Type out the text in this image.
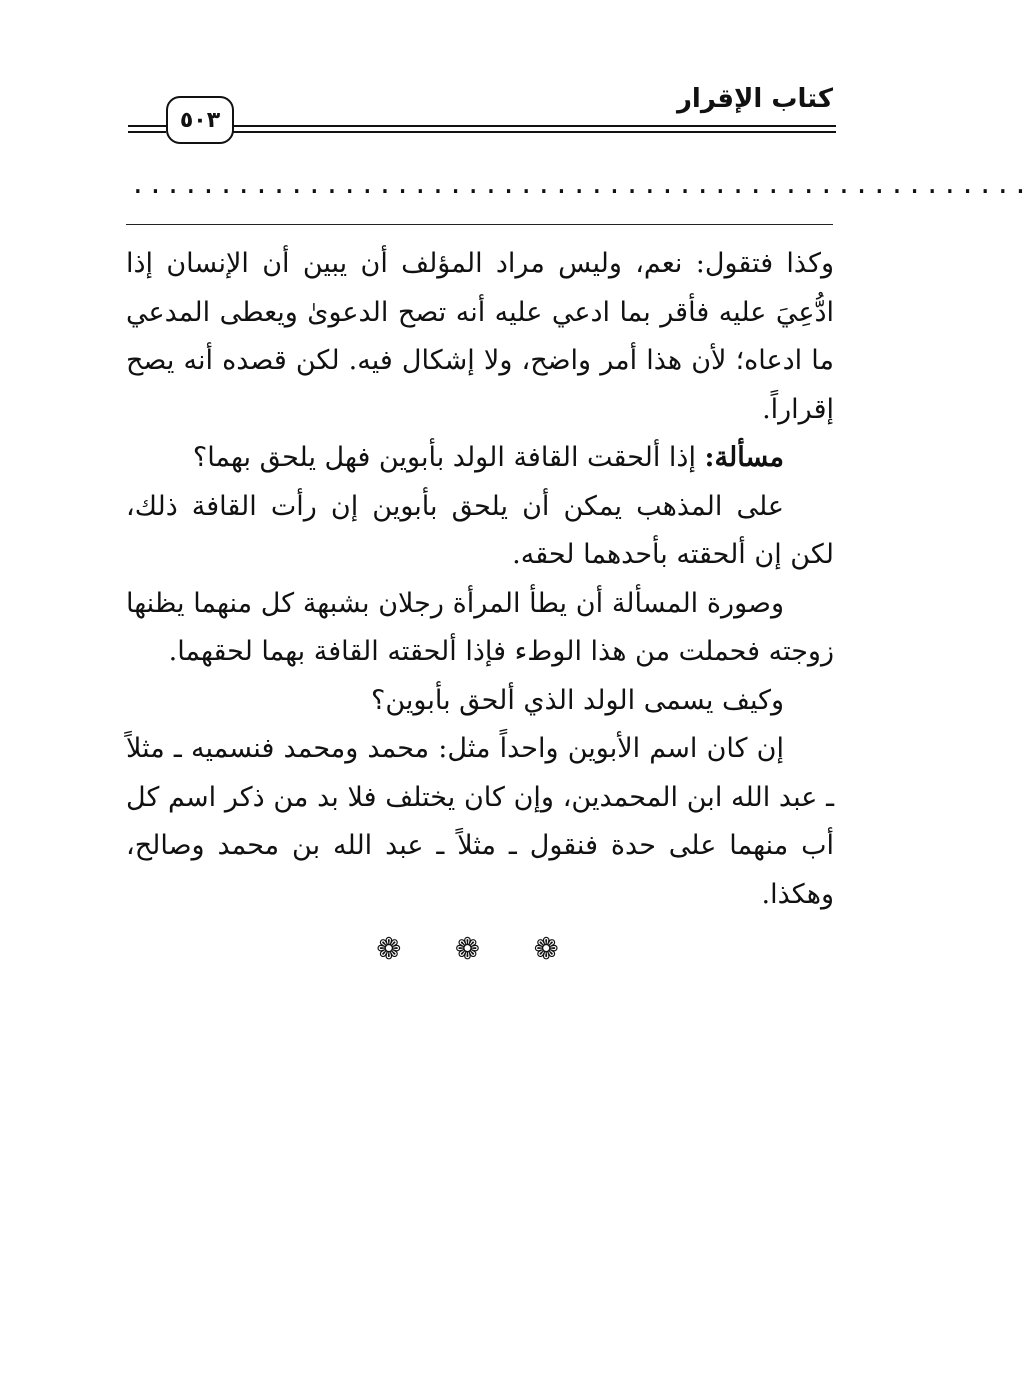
كتاب الإقرار
٥٠٣
...................................................

وكذا فتقول: نعم، وليس مراد المؤلف أن يبين أن الإنسان إذا ادُّعِيَ عليه فأقر بما ادعي عليه أنه تصح الدعوىٰ ويعطى المدعي ما ادعاه؛ لأن هذا أمر واضح، ولا إشكال فيه. لكن قصده أنه يصح إقراراً.

مسألة: إذا ألحقت القافة الولد بأبوين فهل يلحق بهما؟

على المذهب يمكن أن يلحق بأبوين إن رأت القافة ذلك، لكن إن ألحقته بأحدهما لحقه.

وصورة المسألة أن يطأ المرأة رجلان بشبهة كل منهما يظنها زوجته فحملت من هذا الوطء فإذا ألحقته القافة بهما لحقهما.

وكيف يسمى الولد الذي ألحق بأبوين؟

إن كان اسم الأبوين واحداً مثل: محمد ومحمد فنسميه ـ مثلاً ـ عبد الله ابن المحمدين، وإن كان يختلف فلا بد من ذكر اسم كل أب منهما على حدة فنقول ـ مثلاً ـ عبد الله بن محمد وصالح، وهكذا.

❁ ❁ ❁
